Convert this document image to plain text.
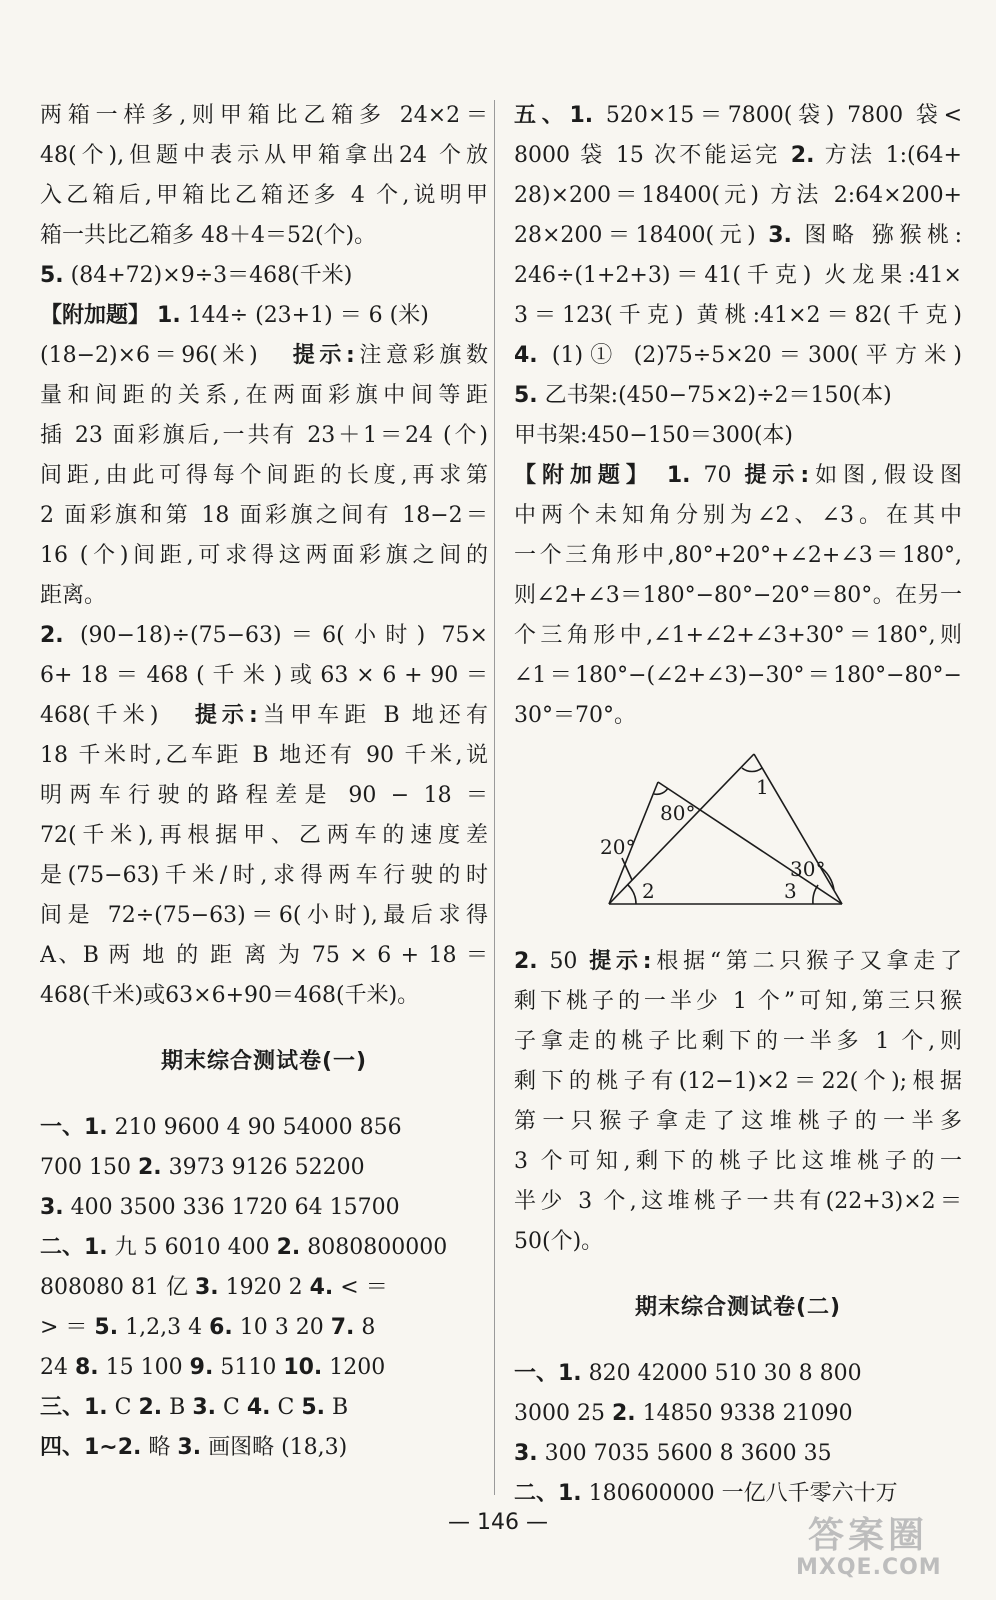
两箱一样多,则甲箱比乙箱多 24×2＝
48(个),但题中表示从甲箱拿出24 个放
入乙箱后,甲箱比乙箱还多 4 个,说明甲
箱一共比乙箱多 48＋4＝52(个)。
5. (84+72)×9÷3＝468(千米)
【附加题】 1. 144÷ (23+1) ＝ 6 (米)
(18−2)×6＝96(米) 提示:注意彩旗数
量和间距的关系,在两面彩旗中间等距
插 23 面彩旗后,一共有 23＋1＝24 (个)
间距,由此可得每个间距的长度,再求第
2 面彩旗和第 18 面彩旗之间有 18−2＝
16 (个)间距,可求得这两面彩旗之间的
距离。
2. (90−18)÷(75−63)＝6(小时) 75×
6+ 18 ＝ 468 ( 千 米 ) 或 63 × 6 + 90 ＝
468(千米) 提示:当甲车距 B 地还有
18 千米时,乙车距 B 地还有 90 千米,说
明两车行驶的路程差是 90 − 18 ＝
72(千米),再根据甲、乙两车的速度差
是(75−63)千米/时,求得两车行驶的时
间是 72÷(75−63)＝6(小时),最后求得
A、B 两 地 的 距 离 为 75 × 6 + 18 ＝
468(千米)或63×6+90＝468(千米)。
期末综合测试卷(一)
一、1. 210 9600 4 90 54000 856
700 150 2. 3973 9126 52200
3. 400 3500 336 1720 64 15700
二、1. 九 5 6010 400 2. 8080800000
808080 81 亿 3. 1920 2 4. < ＝
> ＝ 5. 1,2,3 4 6. 10 3 20 7. 8
24 8. 15 100 9. 5110 10. 1200
三、1. C 2. B 3. C 4. C 5. B
四、1~2. 略 3. 画图略 (18,3)
五、1. 520×15＝7800(袋) 7800 袋<
8000 袋 15 次不能运完 2. 方法 1:(64+
28)×200＝18400(元) 方法 2:64×200+
28×200＝18400(元) 3. 图略 猕猴桃:
246÷(1+2+3)＝41(千克) 火龙果:41×
3＝123(千克) 黄桃:41×2＝82(千克)
4. (1)① (2)75÷5×20＝300(平方米)
5. 乙书架:(450−75×2)÷2＝150(本)
甲书架:450−150＝300(本)
【附加题】 1. 70 提示:如图,假设图
中两个未知角分别为∠2、∠3。在其中
一个三角形中,80°+20°+∠2+∠3＝180°,
则∠2+∠3＝180°−80°−20°＝80°。在另一
个三角形中,∠1+∠2+∠3+30°＝180°,则
∠1＝180°−(∠2+∠3)−30°＝180°−80°−
30°＝70°。
20°
80°
1
30°
2	3
2. 50 提示:根据“第二只猴子又拿走了
剩下桃子的一半少 1 个”可知,第三只猴
子拿走的桃子比剩下的一半多 1 个,则
剩下的桃子有(12−1)×2＝22(个);根据
第一只猴子拿走了这堆桃子的一半多
3 个可知,剩下的桃子比这堆桃子的一
半少 3 个,这堆桃子一共有(22+3)×2＝
50(个)。
期末综合测试卷(二)
一、1. 820 42000 510 30 8 800
3000 25 2. 14850 9338 21090
3. 300 7035 5600 8 3600 35
二、1. 180600000 一亿八千零六十万
— 146 —	答案圈
MXQE.COM
